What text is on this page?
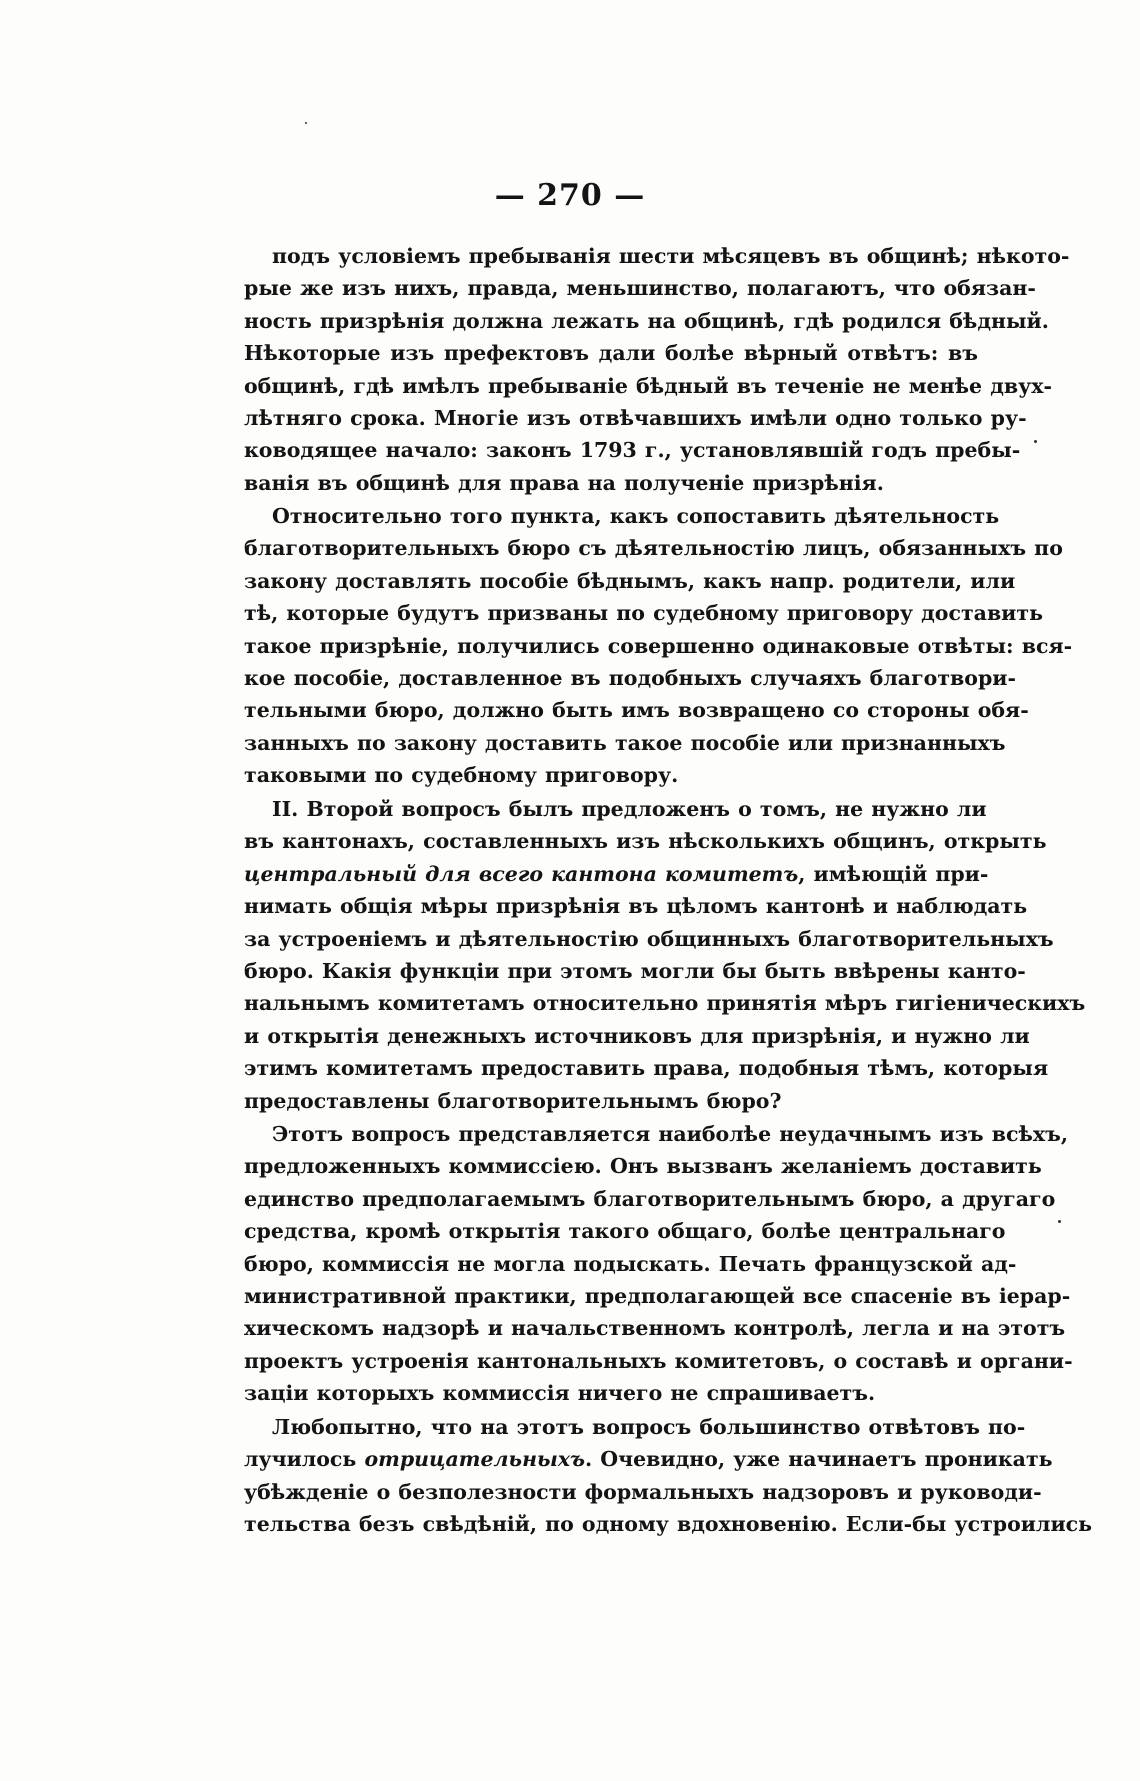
— 270 —

подъ условіемъ пребыванія шести мѣсяцевъ въ общинѣ; нѣкото-
рые же изъ нихъ, правда, меньшинство, полагаютъ, что обязан-
ность призрѣнія должна лежать на общинѣ, гдѣ родился бѣдный.
Нѣкоторые изъ префектовъ дали болѣе вѣрный отвѣтъ: въ
общинѣ, гдѣ имѣлъ пребываніе бѣдный въ теченіе не менѣе двух-
лѣтняго срока. Многіе изъ отвѣчавшихъ имѣли одно только ру-
ководящее начало: законъ 1793 г., установлявшій годъ пребы-
ванія въ общинѣ для права на полученіе призрѣнія.

Относительно того пункта, какъ сопоставить дѣятельность
благотворительныхъ бюро съ дѣятельностію лицъ, обязанныхъ по
закону доставлять пособіе бѣднымъ, какъ напр. родители, или
тѣ, которые будутъ призваны по судебному приговору доставить
такое призрѣніе, получились совершенно одинаковые отвѣты: вся-
кое пособіе, доставленное въ подобныхъ случаяхъ благотвори-
тельными бюро, должно быть имъ возвращено со стороны обя-
занныхъ по закону доставить такое пособіе или признанныхъ
таковыми по судебному приговору.

II. Второй вопросъ былъ предложенъ о томъ, не нужно ли
въ кантонахъ, составленныхъ изъ нѣсколькихъ общинъ, открыть
центральный для всего кантона комитетъ, имѣющій при-
нимать общія мѣры призрѣнія въ цѣломъ кантонѣ и наблюдать
за устроеніемъ и дѣятельностію общинныхъ благотворительныхъ
бюро. Какія функціи при этомъ могли бы быть ввѣрены канто-
нальнымъ комитетамъ относительно принятія мѣръ гигіеническихъ
и открытія денежныхъ источниковъ для призрѣнія, и нужно ли
этимъ комитетамъ предоставить права, подобныя тѣмъ, которыя
предоставлены благотворительнымъ бюро?

Этотъ вопросъ представляется наиболѣе неудачнымъ изъ всѣхъ,
предложенныхъ коммиссіею. Онъ вызванъ желаніемъ доставить
единство предполагаемымъ благотворительнымъ бюро, а другаго
средства, кромѣ открытія такого общаго, болѣе центральнаго
бюро, коммиссія не могла подыскать. Печать французской ад-
министративной практики, предполагающей все спасеніе въ іерар-
хическомъ надзорѣ и начальственномъ контролѣ, легла и на этотъ
проектъ устроенія кантональныхъ комитетовъ, о составѣ и органи-
заціи которыхъ коммиссія ничего не спрашиваетъ.

Любопытно, что на этотъ вопросъ большинство отвѣтовъ по-
лучилось отрицательныхъ. Очевидно, уже начинаетъ проникать
убѣжденіе о безполезности формальныхъ надзоровъ и руководи-
тельства безъ свѣдѣній, по одному вдохновенію. Если-бы устроились
